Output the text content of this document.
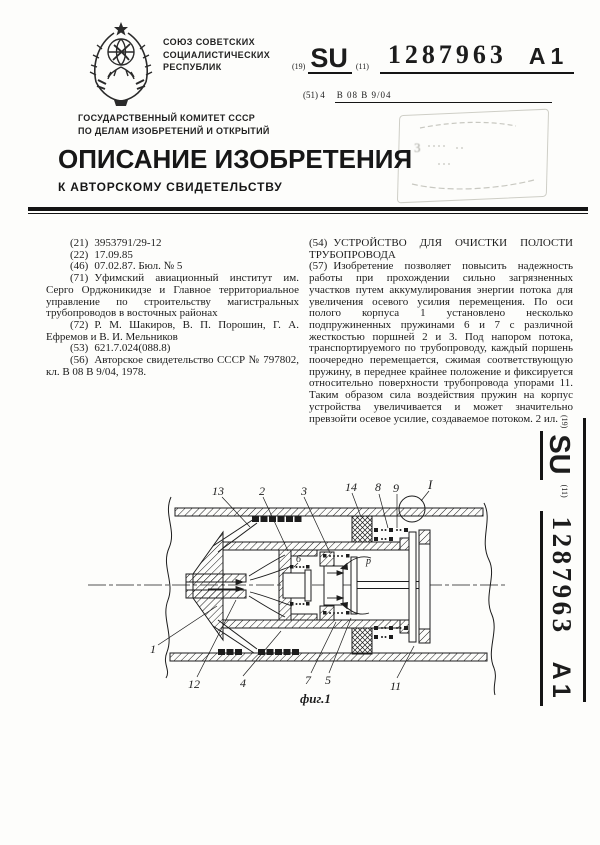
СОЮЗ СОВЕТСКИХ
СОЦИАЛИСТИЧЕСКИХ
РЕСПУБЛИК
ГОСУДАРСТВЕННЫЙ КОМИТЕТ СССР
ПО ДЕЛАМ ИЗОБРЕТЕНИЙ И ОТКРЫТИЙ
(19) SU	(11) 1287963 A1
(51) 4 В 08 В 9/04
3
ОПИСАНИЕ ИЗОБРЕТЕНИЯ
К АВТОРСКОМУ СВИДЕТЕЛЬСТВУ

(21) 3953791/29-12

(22) 17.09.85

(46) 07.02.87. Бюл. № 5

(71) Уфимский авиационный институт им. Серго Орджоникидзе и Главное территориальное управление по строительству магистральных трубопроводов в восточных районах

(72) Р. М. Шакиров, В. П. Порошин, Г. А. Ефремов и В. И. Мельников

(53) 621.7.024(088.8)

(56) Авторское свидетельство СССР № 797802, кл. В 08 В 9/04, 1978.

(54) УСТРОЙСТВО ДЛЯ ОЧИСТКИ ПОЛОСТИ ТРУБОПРОВОДА

(57) Изобретение позволяет повысить надежность работы при прохождении сильно загрязненных участков путем аккумулирования энергии потока для увеличения осевого усилия перемещения. По оси полого корпуса 1 установлено несколько подпружиненных пружинами 6 и 7 с различной жесткостью поршней 2 и 3. Под напором потока, транспортируемого по трубопроводу, каждый поршень поочередно перемещается, сжимая соответствующую пружину, в переднее крайнее положение и фиксируется относительно поверхности трубопровода упорами 11. Таким образом сила воздействия пружин на корпус устройства увеличивается и может значительно превзойти осевое усилие, создаваемое потоком. 2 ил.

13	2	3	14 8 9 I
1
12	4	7 5	11
6	р
фиг.1
(19)
SU
(11)
1287963
A1
